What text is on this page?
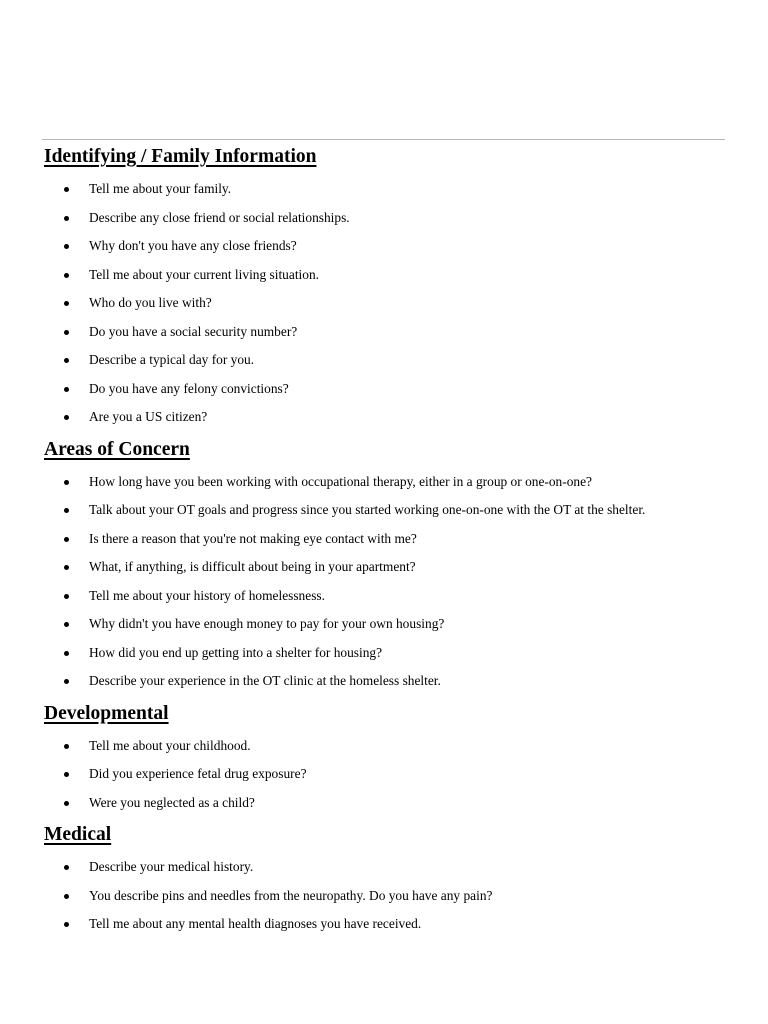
Identifying / Family Information
Tell me about your family.
Describe any close friend or social relationships.
Why don't you have any close friends?
Tell me about your current living situation.
Who do you live with?
Do you have a social security number?
Describe a typical day for you.
Do you have any felony convictions?
Are you a US citizen?
Areas of Concern
How long have you been working with occupational therapy, either in a group or one-on-one?
Talk about your OT goals and progress since you started working one-on-one with the OT at the shelter.
Is there a reason that you're not making eye contact with me?
What, if anything, is difficult about being in your apartment?
Tell me about your history of homelessness.
Why didn't you have enough money to pay for your own housing?
How did you end up getting into a shelter for housing?
Describe your experience in the OT clinic at the homeless shelter.
Developmental
Tell me about your childhood.
Did you experience fetal drug exposure?
Were you neglected as a child?
Medical
Describe your medical history.
You describe pins and needles from the neuropathy. Do you have any pain?
Tell me about any mental health diagnoses you have received.
